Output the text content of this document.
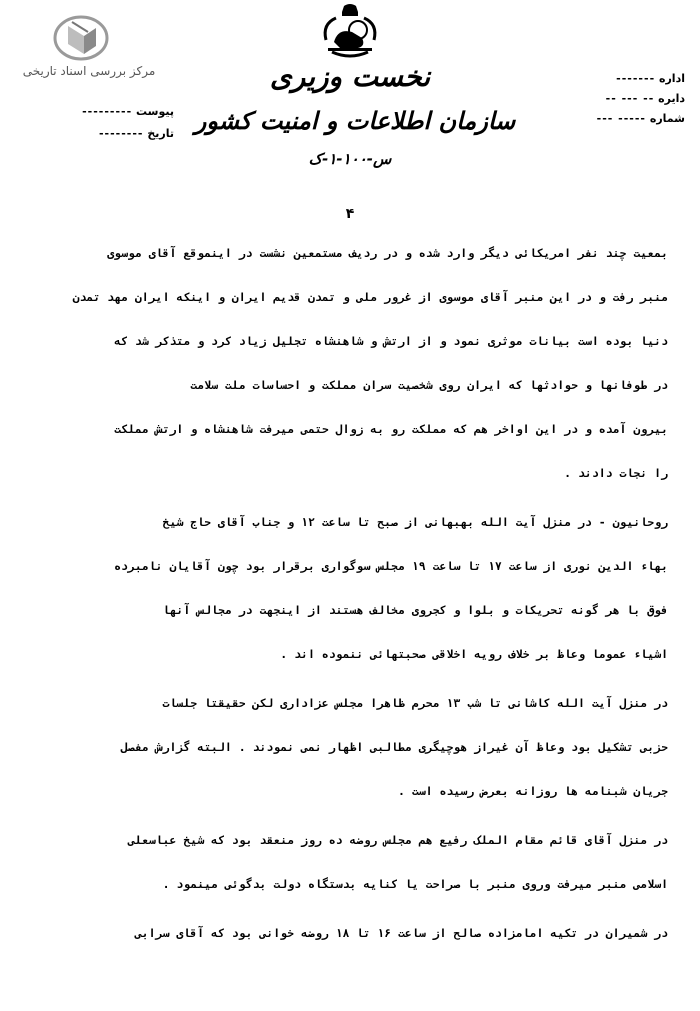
مرکز بررسی اسناد تاریخی	نخست وزیری
سازمان اطلاعات و امنیت کشور
س-۱۰۰-۱-ک
پیوست ---------
تاریخ --------
اداره -------
دایره -- --- --
شماره ----- ---
۴

بمعیت چند نفر امریکائی دیگر وارد شده و در ردیف مستمعین نشست در اینموقع آقای موسوی

منبر رفت و در این منبر آقای موسوی از غرور ملی و تمدن قدیم ایران و اینکه ایران مهد تمدن

دنیا بوده است بیانات موثری نمود و از ارتش و شاهنشاه تجلیل زیاد کرد و متذکر شد که

در طوفانها و حوادثها که ایران روی شخصیت سران مملکت و احساسات ملت سلامت

بیرون آمده و در این اواخر هم که مملکت رو به زوال حتمی میرفت شاهنشاه و ارتش مملکت

را نجات دادند .

روحانیون - در منزل آیت الله بهبهانی از صبح تا ساعت ۱۲ و جناب آقای حاج شیخ

بهاء الدین نوری از ساعت ۱۷ تا ساعت ۱۹ مجلس سوگواری برقرار بود چون آقایان نامبرده

فوق با هر گونه تحریکات و بلوا و کجروی مخالف هستند از اینجهت در مجالس آنها

اشیاء عموما وعاظ بر خلاف رویه اخلاقی صحبتهائی ننموده اند .

در منزل آیت الله کاشانی تا شب ۱۳ محرم ظاهرا مجلس عزاداری لکن حقیقتا جلسات

حزبی تشکیل بود وعاظ آن غیراز هوچیگری مطالبی اظهار نمی نمودند . البته گزارش مفصل

جریان شبنامه ها روزانه بعرض رسیده است .

در منزل آقای قائم مقام الملک رفیع هم مجلس روضه ده روز منعقد بود که شیخ عباسعلی

اسلامی منبر میرفت وروی منبر با صراحت یا کنایه بدستگاه دولت بدگوئی مینمود .

در شمیران در تکیه امامزاده صالح از ساعت ۱۶ تا ۱۸ روضه خوانی بود که آقای سرابی
